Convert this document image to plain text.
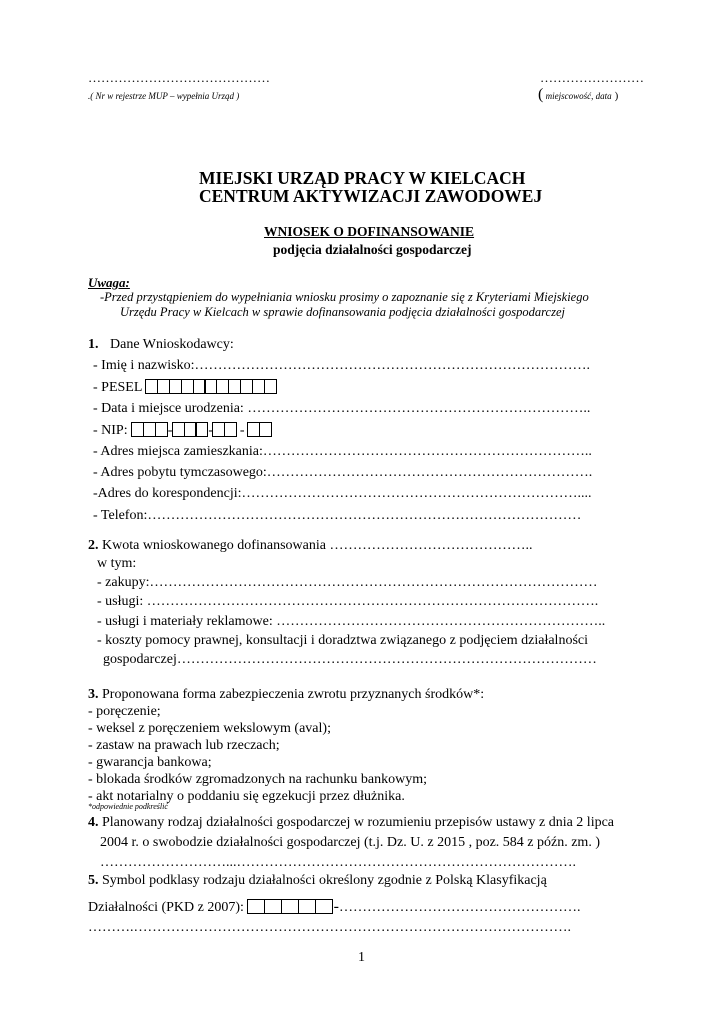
……………………………………
.( Nr w rejestrze MUP – wypełnia Urząd )
……………………
( miejscowość, data )
MIEJSKI URZĄD PRACY W KIELCACH
CENTRUM AKTYWIZACJI ZAWODOWEJ
WNIOSEK O DOFINANSOWANIE
podjęcia działalności gospodarczej
Uwaga:
-Przed przystąpieniem do wypełniania wniosku prosimy o zapoznanie się z Kryteriami Miejskiego
Urzędu Pracy w Kielcach w sprawie dofinansowania podjęcia działalności gospodarczej
1. Dane Wnioskodawcy:
- Imię i nazwisko:………………………………………………………………………….
- PESEL
- Data i miejsce urodzenia: ………………………………………………………………..
- NIP:	-	- -
- Adres miejsca zamieszkania:……………………………………………………………..
- Adres pobytu tymczasowego:…………………………………………………………….
-Adres do korespondencji:………………………………………………………………....
- Telefon:…………………………………………………………………………………
2. Kwota wnioskowanego dofinansowania ……………………………………..
w tym:
- zakupy:……………………………………………………………………………………
- usługi: …………………………………………………………………………………….
- usługi i materiały reklamowe: ……………………………………………………………..
- koszty pomocy prawnej, konsultacji i doradztwa związanego z podjęciem działalności
gospodarczej………………………………………………………………………………
3. Proponowana forma zabezpieczenia zwrotu przyznanych środków*:
- poręczenie;
- weksel z poręczeniem wekslowym (aval);
- zastaw na prawach lub rzeczach;
- gwarancja bankowa;
- blokada środków zgromadzonych na rachunku bankowym;
- akt notarialny o poddaniu się egzekucji przez dłużnika.
*odpowiednie podkreślić
4. Planowany rodzaj działalności gospodarczej w rozumieniu przepisów ustawy z dnia 2 lipca
2004 r. o swobodzie działalności gospodarczej (t.j. Dz. U. z 2015 , poz. 584 z późn. zm. )
………………………...……………………………………………………………….
5. Symbol podklasy rodzaju działalności określony zgodnie z Polską Klasyfikacją
Działalności (PKD z 2007):	-…………………………………………….
……….………………………………………………………………………………….
1
